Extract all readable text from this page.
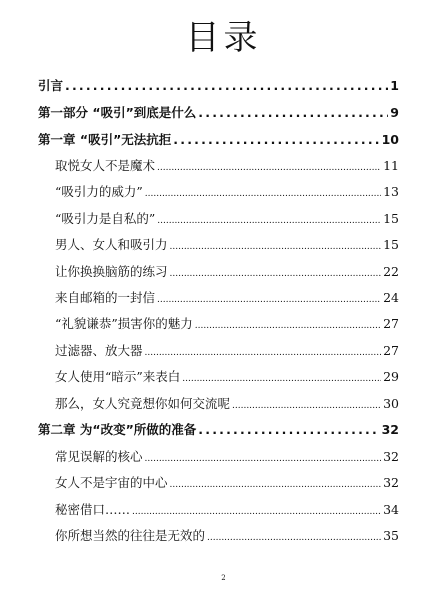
目录
引言 .....	1
第一部分 “吸引”到底是什么 .....	9
第一章 “吸引”无法抗拒 .....	10
取悦女人不是魔术 .....	11
“吸引力的威力” .....	13
“吸引力是自私的” .....	15
男人、女人和吸引力 .....	15
让你换换脑筋的练习 .....	22
来自邮箱的一封信 .....	24
“礼貌谦恭”损害你的魅力 .....	27
过滤器、放大器 .....	27
女人使用“暗示”来表白 .....	29
那么，女人究竟想你如何交流呢 .....	30
第二章 为“改变”所做的准备 .....	32
常见误解的核心 .....	32
女人不是宇宙的中心 .....	32
秘密借口…… .....	34
你所想当然的往往是无效的 .....	35
2
